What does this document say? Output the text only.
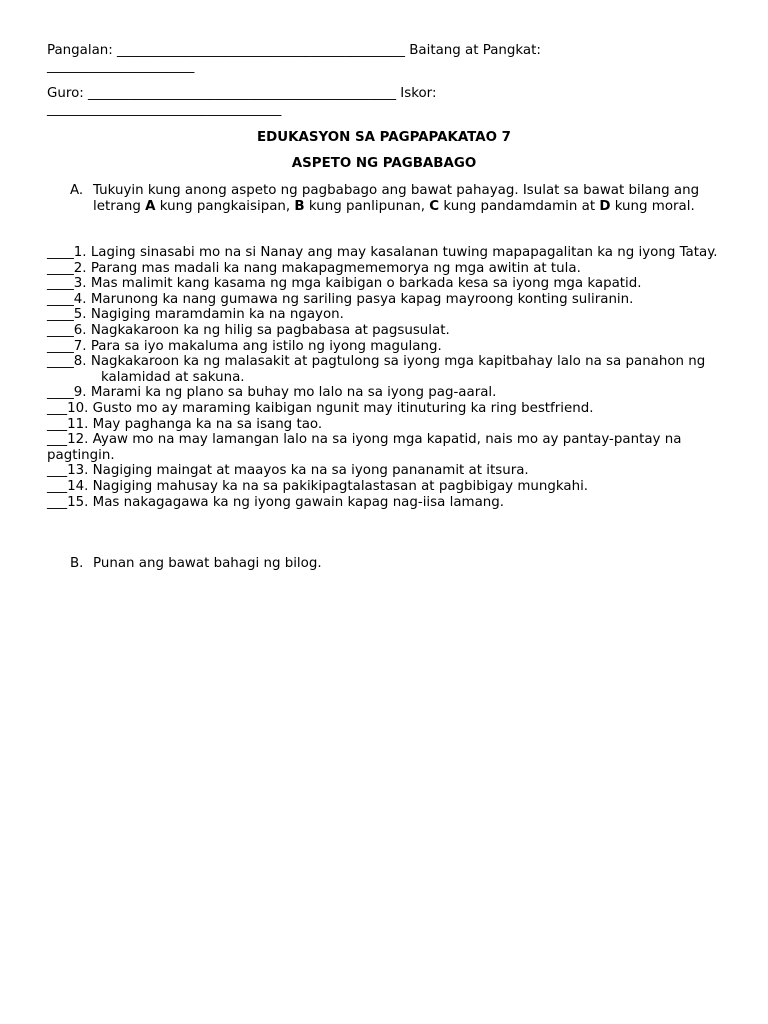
Pangalan: ___________________________________________ Baitang at Pangkat:

______________________

Guro: ______________________________________________ Iskor:

___________________________________

EDUKASYON SA PAGPAPAKATAO 7
ASPETO NG PAGBABAGO
A. Tukuyin kung anong aspeto ng pagbabago ang bawat pahayag. Isulat sa bawat bilang ang letrang A kung pangkaisipan, B kung panlipunan, C kung pandamdamin at D kung moral.

____1. Laging sinasabi mo na si Nanay ang may kasalanan tuwing mapapagalitan ka ng iyong Tatay.

____2. Parang mas madali ka nang makapagmememorya ng mga awitin at tula.

____3. Mas malimit kang kasama ng mga kaibigan o barkada kesa sa iyong mga kapatid.

____4. Marunong ka nang gumawa ng sariling pasya kapag mayroong konting suliranin.

____5. Nagiging maramdamin ka na ngayon.

____6. Nagkakaroon ka ng hilig sa pagbabasa at pagsusulat.

____7. Para sa iyo makaluma ang istilo ng iyong magulang.

____8. Nagkakaroon ka ng malasakit at pagtulong sa iyong mga kapitbahay lalo na sa panahon ng
kalamidad at sakuna.

____9. Marami ka ng plano sa buhay mo lalo na sa iyong pag-aaral.

___10. Gusto mo ay maraming kaibigan ngunit may itinuturing ka ring bestfriend.

___11. May paghanga ka na sa isang tao.

___12. Ayaw mo na may lamangan lalo na sa iyong mga kapatid, nais mo ay pantay-pantay na pagtingin.

___13. Nagiging maingat at maayos ka na sa iyong pananamit at itsura.

___14. Nagiging mahusay ka na sa pakikipagtalastasan at pagbibigay mungkahi.

___15. Mas nakagagawa ka ng iyong gawain kapag nag-iisa lamang.

B. Punan ang bawat bahagi ng bilog.
